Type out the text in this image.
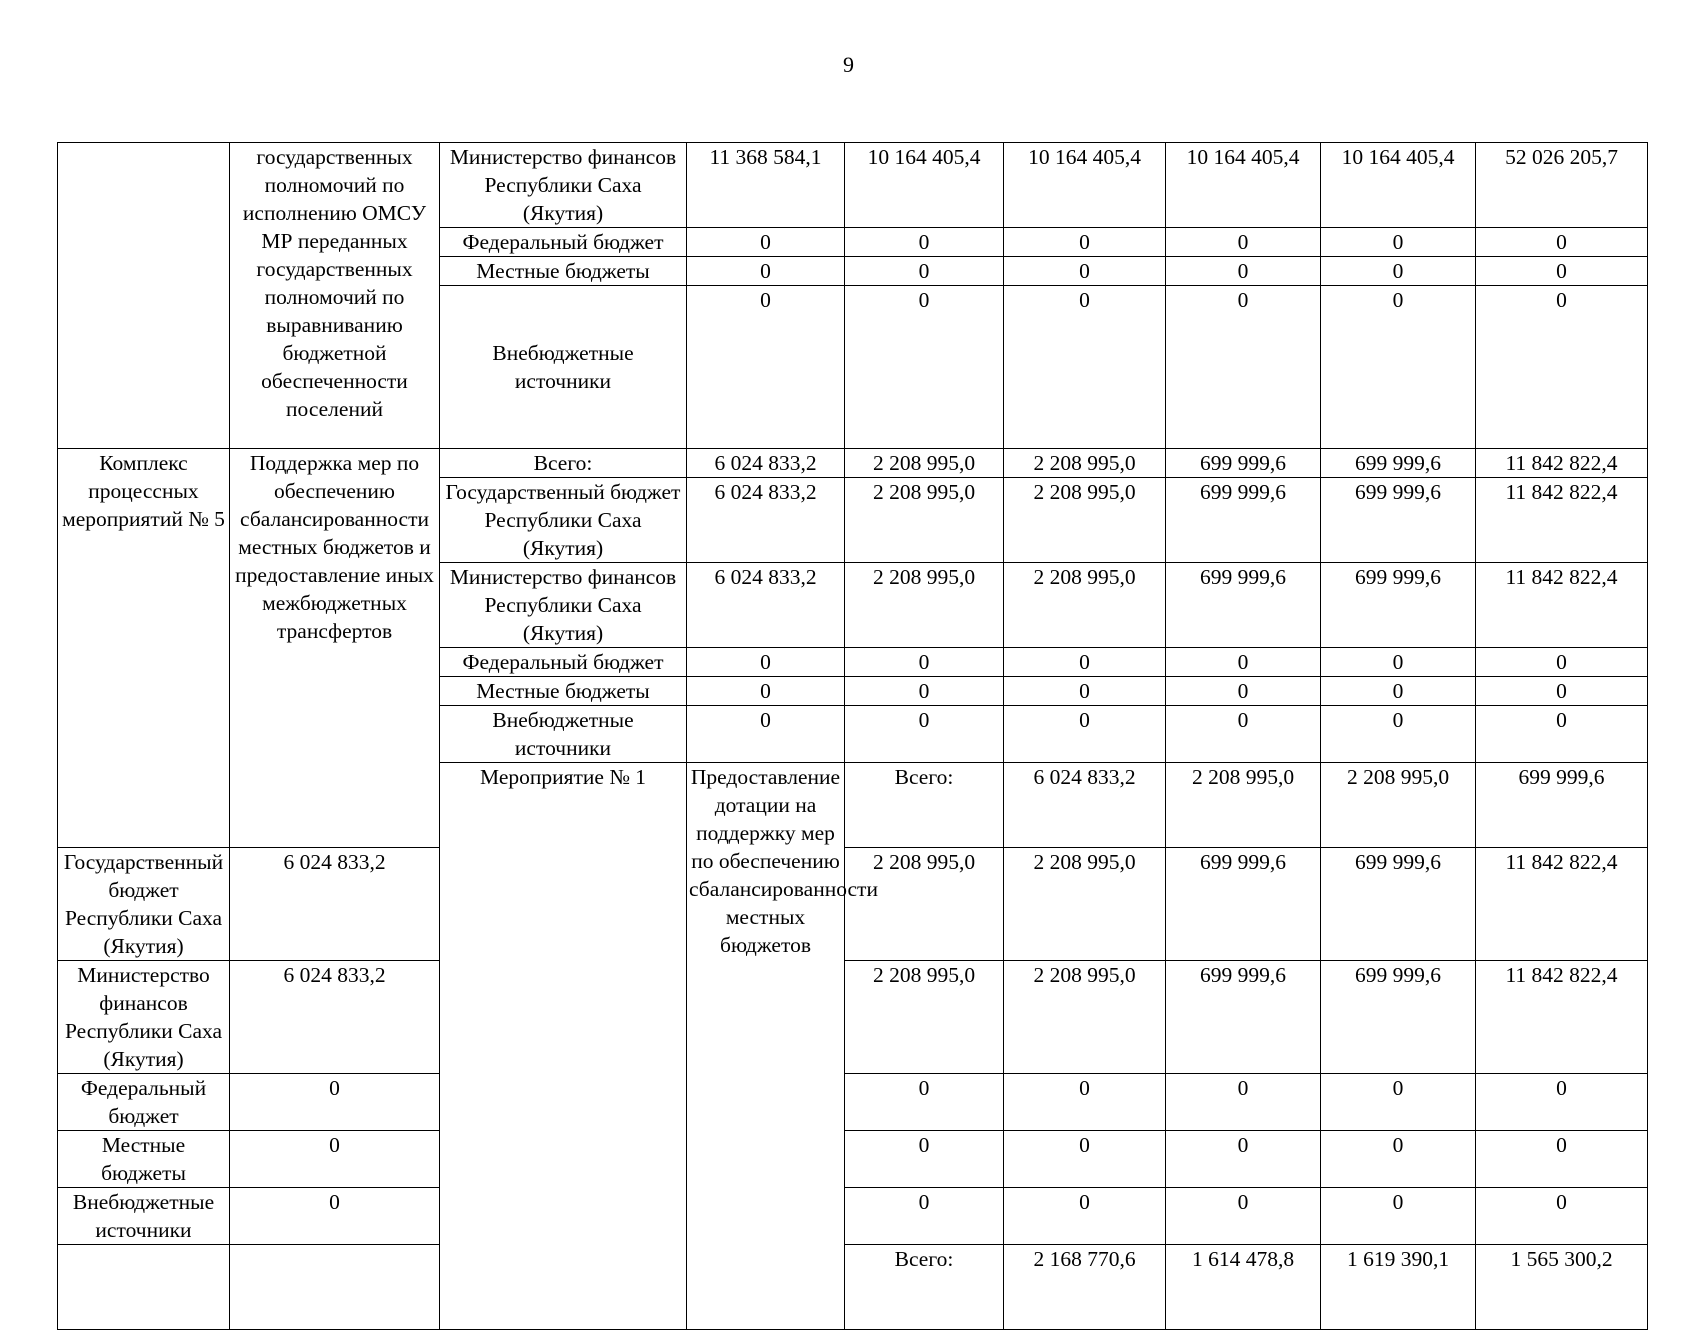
9
	государственных полномочий по исполнению ОМСУ МР переданных государственных полномочий по выравниванию бюджетной обеспеченности поселений	Министерство финансов Республики Саха (Якутия)	11 368 584,1	10 164 405,4	10 164 405,4	10 164 405,4	10 164 405,4	52 026 205,7	
		Федеральный бюджет	0	0	0	0	0	0	
		Местные бюджеты	0	0	0	0	0	0	
		Внебюджетные источники	0	0	0	0	0	0	
Комплекс процессных мероприятий № 5	Поддержка мер по обеспечению сбалансированности местных бюджетов и предоставление иных межбюджетных трансфертов	Всего:	6 024 833,2	2 208 995,0	2 208 995,0	699 999,6	699 999,6	11 842 822,4	
		Государственный бюджет Республики Саха (Якутия)	6 024 833,2	2 208 995,0	2 208 995,0	699 999,6	699 999,6	11 842 822,4	
		Министерство финансов Республики Саха (Якутия)	6 024 833,2	2 208 995,0	2 208 995,0	699 999,6	699 999,6	11 842 822,4	
		Федеральный бюджет	0	0	0	0	0	0	
		Местные бюджеты	0	0	0	0	0	0	
		Внебюджетные источники	0	0	0	0	0	0	
		Мероприятие № 1	Предоставление дотации на поддержку мер по обеспечению сбалансированности местных бюджетов	Всего:	6 024 833,2	2 208 995,0	2 208 995,0	699 999,6		
Государственный бюджет Республики Саха (Якутия)	6 024 833,2			2 208 995,0	2 208 995,0	699 999,6	699 999,6	11 842 822,4	
Министерство финансов Республики Саха (Якутия)	6 024 833,2			2 208 995,0	2 208 995,0	699 999,6	699 999,6	11 842 822,4	
Федеральный бюджет	0			0	0	0	0	0	
Местные бюджеты	0			0	0	0	0	0	
Внебюджетные источники	0			0	0	0	0	0	
				Всего:	2 168 770,6	1 614 478,8	1 619 390,1	1 565 300,2		
